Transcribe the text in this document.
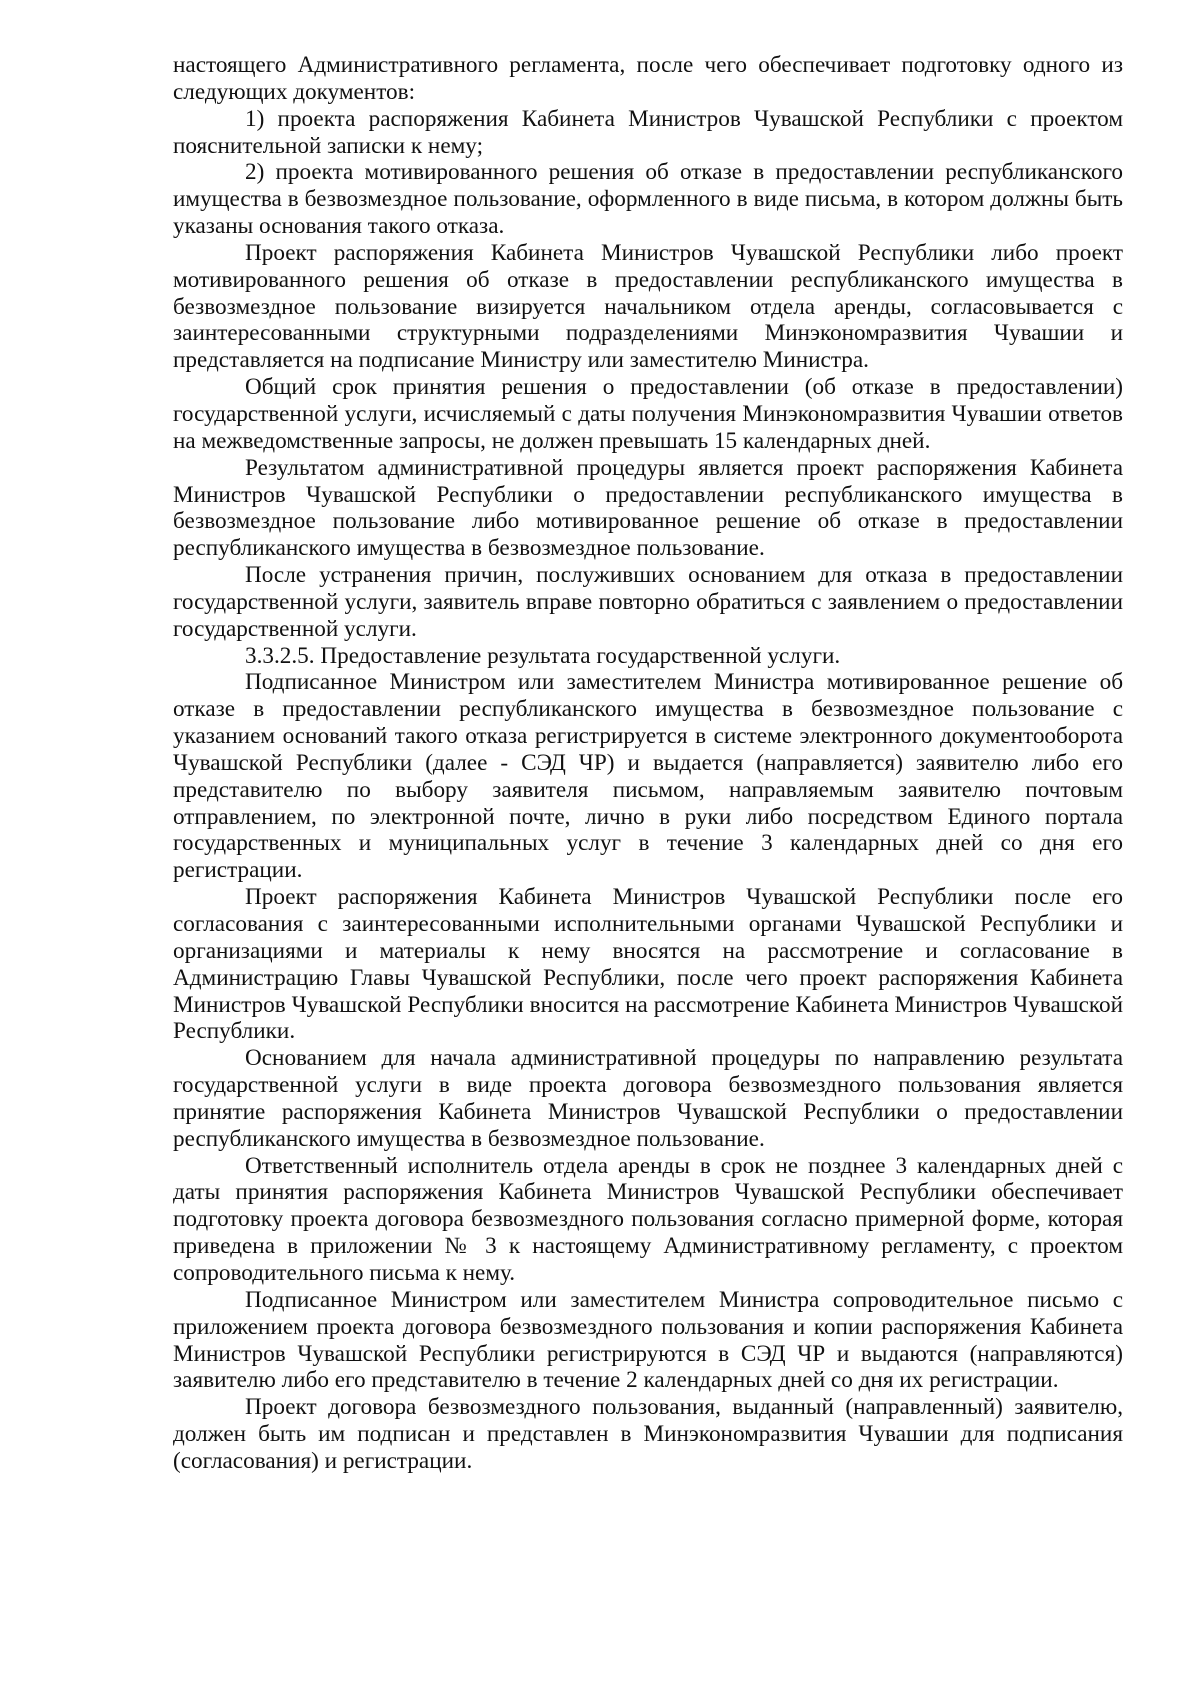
настоящего Административного регламента, после чего обеспечивает подготовку одного из следующих документов:

1) проекта распоряжения Кабинета Министров Чувашской Республики с проектом пояснительной записки к нему;

2) проекта мотивированного решения об отказе в предоставлении республиканского имущества в безвозмездное пользование, оформленного в виде письма, в котором должны быть указаны основания такого отказа.

Проект распоряжения Кабинета Министров Чувашской Республики либо проект мотивированного решения об отказе в предоставлении республиканского имущества в безвозмездное пользование визируется начальником отдела аренды, согласовывается с заинтересованными структурными подразделениями Минэкономразвития Чувашии и представляется на подписание Министру или заместителю Министра.

Общий срок принятия решения о предоставлении (об отказе в предоставлении) государственной услуги, исчисляемый с даты получения Минэкономразвития Чувашии ответов на межведомственные запросы, не должен превышать 15 календарных дней.

Результатом административной процедуры является проект распоряжения Кабинета Министров Чувашской Республики о предоставлении республиканского имущества в безвозмездное пользование либо мотивированное решение об отказе в предоставлении республиканского имущества в безвозмездное пользование.

После устранения причин, послуживших основанием для отказа в предоставлении государственной услуги, заявитель вправе повторно обратиться с заявлением о предоставлении государственной услуги.

3.3.2.5. Предоставление результата государственной услуги.

Подписанное Министром или заместителем Министра мотивированное решение об отказе в предоставлении республиканского имущества в безвозмездное пользование с указанием оснований такого отказа регистрируется в системе электронного документооборота Чувашской Республики (далее - СЭД ЧР) и выдается (направляется) заявителю либо его представителю по выбору заявителя письмом, направляемым заявителю почтовым отправлением, по электронной почте, лично в руки либо посредством Единого портала государственных и муниципальных услуг в течение 3 календарных дней со дня его регистрации.

Проект распоряжения Кабинета Министров Чувашской Республики после его согласования с заинтересованными исполнительными органами Чувашской Республики и организациями и материалы к нему вносятся на рассмотрение и согласование в Администрацию Главы Чувашской Республики, после чего проект распоряжения Кабинета Министров Чувашской Республики вносится на рассмотрение Кабинета Министров Чувашской Республики.

Основанием для начала административной процедуры по направлению результата государственной услуги в виде проекта договора безвозмездного пользования является принятие распоряжения Кабинета Министров Чувашской Республики о предоставлении республиканского имущества в безвозмездное пользование.

Ответственный исполнитель отдела аренды в срок не позднее 3 календарных дней с даты принятия распоряжения Кабинета Министров Чувашской Республики обеспечивает подготовку проекта договора безвозмездного пользования согласно примерной форме, которая приведена в приложении № 3 к настоящему Административному регламенту, с проектом сопроводительного письма к нему.

Подписанное Министром или заместителем Министра сопроводительное письмо с приложением проекта договора безвозмездного пользования и копии распоряжения Кабинета Министров Чувашской Республики регистрируются в СЭД ЧР и выдаются (направляются) заявителю либо его представителю в течение 2 календарных дней со дня их регистрации.

Проект договора безвозмездного пользования, выданный (направленный) заявителю, должен быть им подписан и представлен в Минэкономразвития Чувашии для подписания (согласования) и регистрации.
